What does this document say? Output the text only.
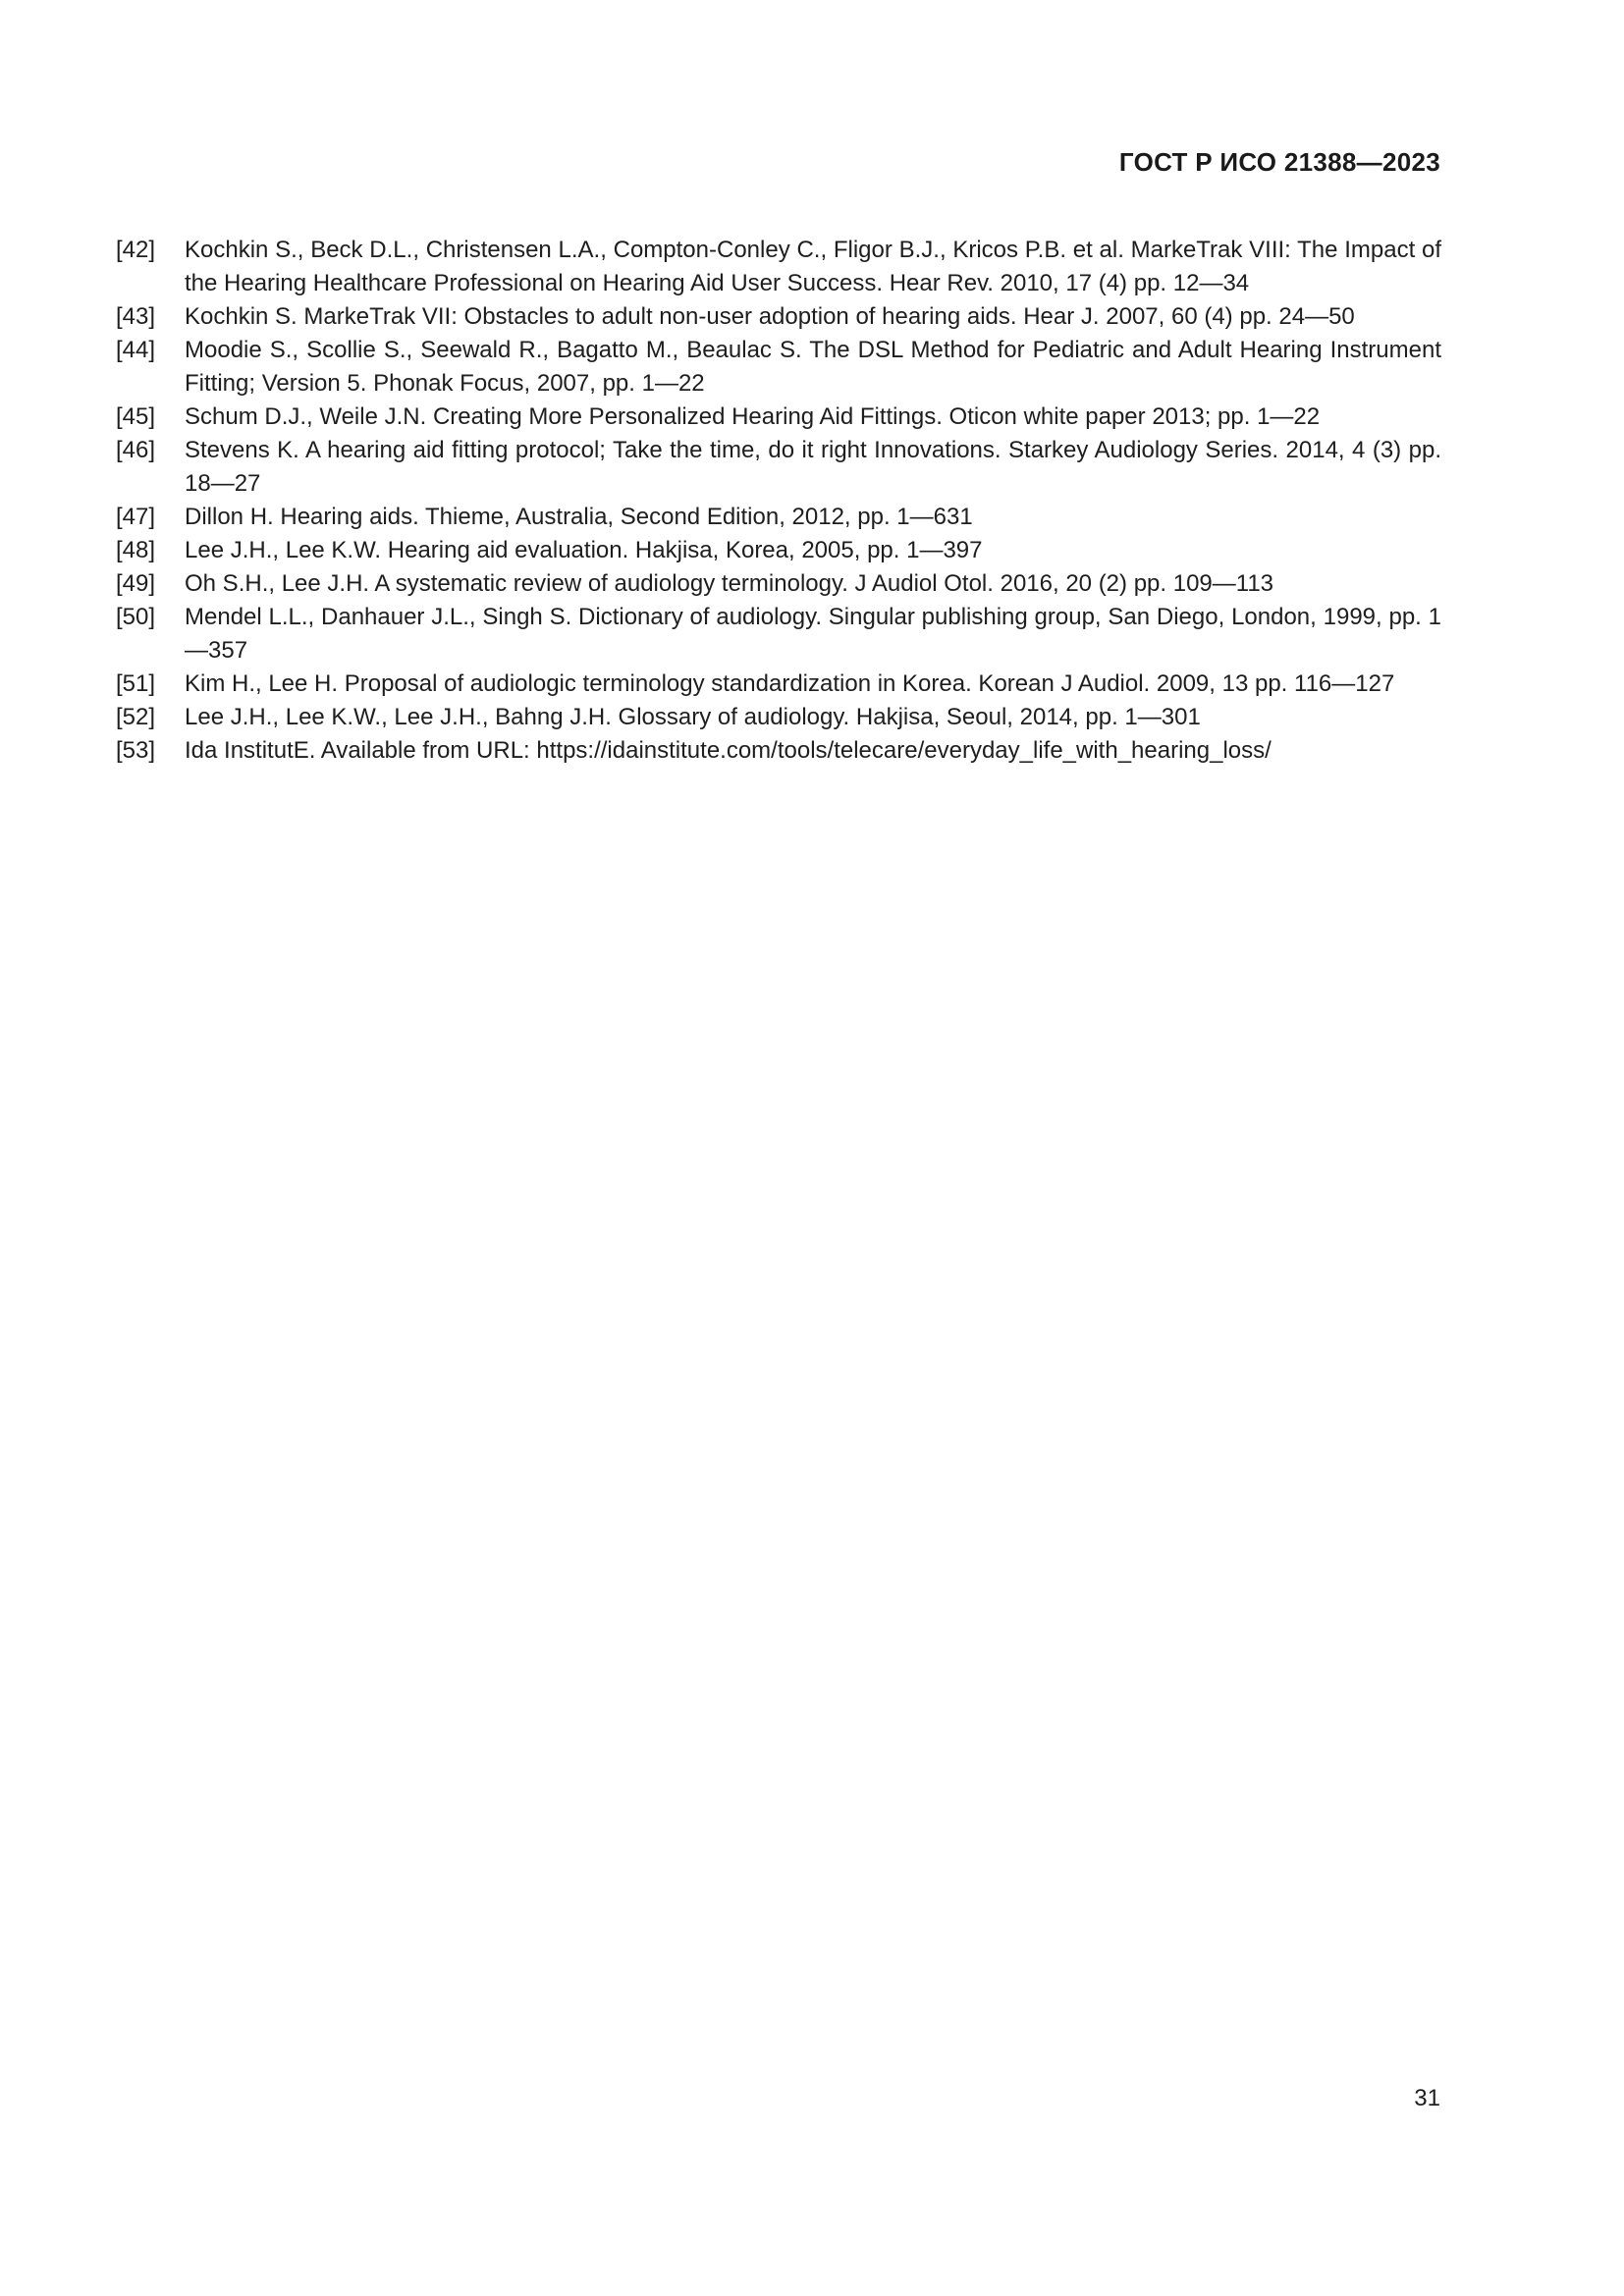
ГОСТ Р ИСО 21388—2023
[42]	Kochkin S., Beck D.L., Christensen L.A., Compton-Conley C., Fligor B.J., Kricos P.B. et al. MarkeTrak VIII: The Impact of the Hearing Healthcare Professional on Hearing Aid User Success. Hear Rev. 2010, 17 (4) pp. 12—34
[43]	Kochkin S. MarkeTrak VII: Obstacles to adult non-user adoption of hearing aids. Hear J. 2007, 60 (4) pp. 24—50
[44]	Moodie S., Scollie S., Seewald R., Bagatto M., Beaulac S. The DSL Method for Pediatric and Adult Hearing Instrument Fitting; Version 5. Phonak Focus, 2007, pp. 1—22
[45]	Schum D.J., Weile J.N. Creating More Personalized Hearing Aid Fittings. Oticon white paper 2013; pp. 1—22
[46]	Stevens K. A hearing aid fitting protocol; Take the time, do it right Innovations. Starkey Audiology Series. 2014, 4 (3) pp. 18—27
[47]	Dillon H. Hearing aids. Thieme, Australia, Second Edition, 2012, pp. 1—631
[48]	Lee J.H., Lee K.W. Hearing aid evaluation. Hakjisa, Korea, 2005, pp. 1—397
[49]	Oh S.H., Lee J.H. A systematic review of audiology terminology. J Audiol Otol. 2016, 20 (2) pp. 109—113
[50]	Mendel L.L., Danhauer J.L., Singh S. Dictionary of audiology. Singular publishing group, San Diego, London, 1999, pp. 1—357
[51]	Kim H., Lee H. Proposal of audiologic terminology standardization in Korea. Korean J Audiol. 2009, 13 pp. 116—127
[52]	Lee J.H., Lee K.W., Lee J.H., Bahng J.H. Glossary of audiology. Hakjisa, Seoul, 2014, pp. 1—301
[53]	Ida InstitutE. Available from URL: https://idainstitute.com/tools/telecare/everyday_life_with_hearing_loss/
31
